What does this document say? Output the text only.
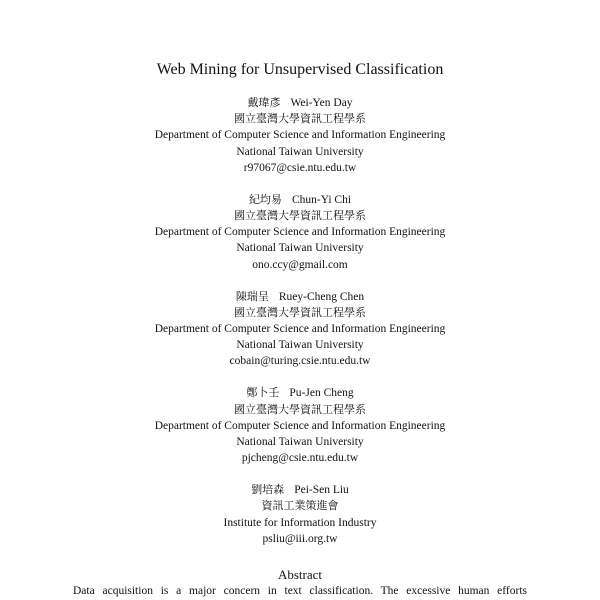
Web Mining for Unsupervised Classification
戴瑋彥 Wei-Yen Day
國立臺灣大學資訊工程學系
Department of Computer Science and Information Engineering
National Taiwan University
r97067@csie.ntu.edu.tw
紀均易 Chun-Yi Chi
國立臺灣大學資訊工程學系
Department of Computer Science and Information Engineering
National Taiwan University
ono.ccy@gmail.com
陳瑞呈 Ruey-Cheng Chen
國立臺灣大學資訊工程學系
Department of Computer Science and Information Engineering
National Taiwan University
cobain@turing.csie.ntu.edu.tw
鄭卜壬 Pu-Jen Cheng
國立臺灣大學資訊工程學系
Department of Computer Science and Information Engineering
National Taiwan University
pjcheng@csie.ntu.edu.tw
劉培森 Pei-Sen Liu
資訊工業策進會
Institute for Information Industry
psliu@iii.org.tw
Abstract
Data acquisition is a major concern in text classification. The excessive human efforts
